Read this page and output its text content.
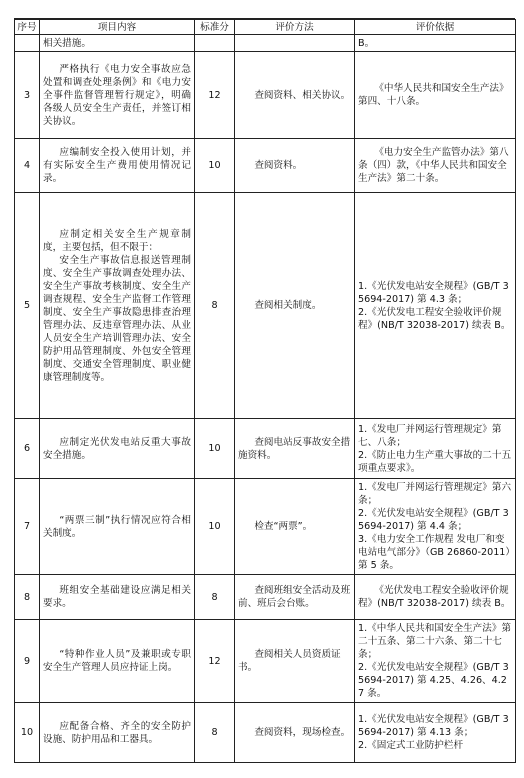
序号	项目内容	标准分	评价方法	评价依据
	相关措施。			B。
3	严格执行《电力安全事故应急处置和调查处理条例》和《电力安全事件监督管理暂行规定》，明确各级人员安全生产责任，并签订相关协议。	12	查阅资料、相关协议。	《中华人民共和国安全生产法》第四、十八条。

4	应编制安全投入使用计划，并有实际安全生产费用使用情况记录。	10	查阅资料。	《电力安全生产监管办法》第八条（四）款，《中华人民共和国安全生产法》第二十条。

5	应制定相关安全生产规章制度，主要包括，但不限于：
安全生产事故信息报送管理制度、安全生产事故调查处理办法、安全生产事故考核制度、安全生产调查规程、安全生产监督工作管理制度、安全生产事故隐患排查治理管理办法、反违章管理办法、从业人员安全生产培训管理办法、安全防护用品管理制度、外包安全管理制度、交通安全管理制度、职业健康管理制度等。	8	查阅相关制度。	1.《光伏发电站安全规程》(GB/T 35694-2017) 第 4.3 条；
2.《光伏发电工程安全验收评价规程》(NB/T 32038-2017) 续表 B。

6	应制定光伏发电站反重大事故安全措施。	10	查阅电站反事故安全措施资料。	1.《发电厂并网运行管理规定》第七、八条；
2.《防止电力生产重大事故的二十五项重点要求》。

7	“两票三制”执行情况应符合相关制度。	10	检查“两票”。	1.《发电厂并网运行管理规定》第六条；
2.《光伏发电站安全规程》(GB/T 35694-2017) 第 4.4 条；
3.《电力安全工作规程 发电厂和变电站电气部分》（GB 26860-2011）第 5 条。

8	班组安全基础建设应满足相关要求。	8	查阅班组安全活动及班前、班后会台账。	《光伏发电工程安全验收评价规程》(NB/T 32038-2017) 续表 B。

9	“特种作业人员”及兼职或专职安全生产管理人员应持证上岗。	12	查阅相关人员资质证书。	1.《中华人民共和国安全生产法》第二十五条、第二十六条、第二十七条；
2.《光伏发电站安全规程》(GB/T 35694-2017) 第 4.25、4.26、4.27 条。

10	应配备合格、齐全的安全防护设施、防护用品和工器具。	8	查阅资料，现场检查。	1.《光伏发电站安全规程》(GB/T 35694-2017) 第 4.13 条；
2.《固定式工业防护栏杆
